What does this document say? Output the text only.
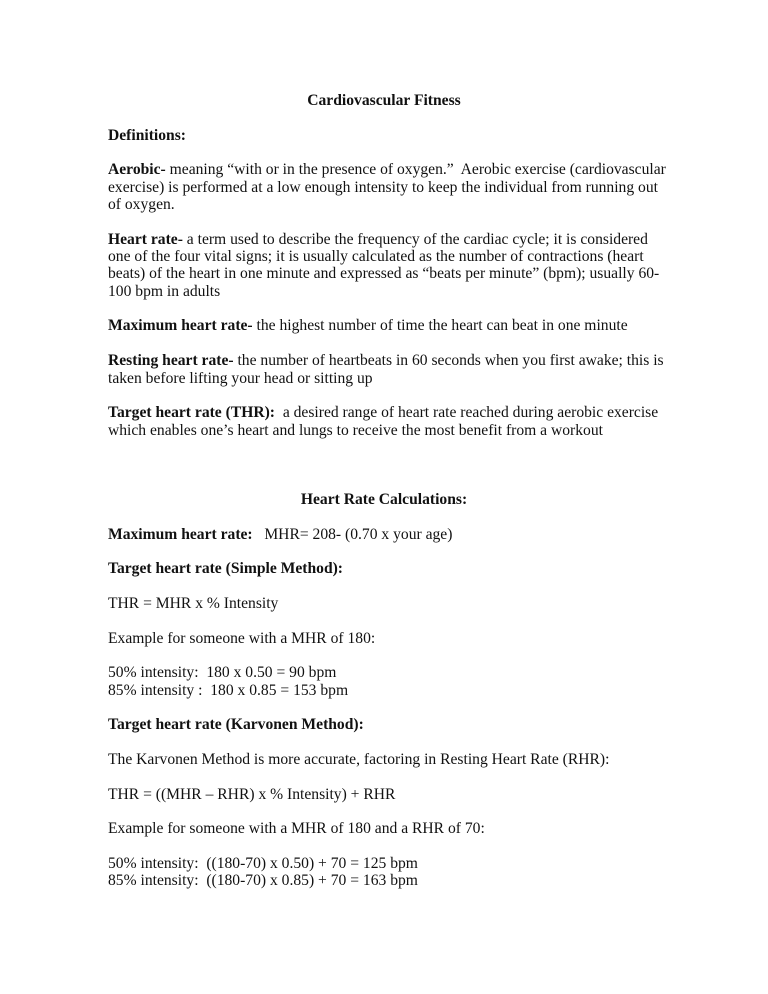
Cardiovascular Fitness
Definitions:
Aerobic- meaning “with or in the presence of oxygen.”  Aerobic exercise (cardiovascular
exercise) is performed at a low enough intensity to keep the individual from running out
of oxygen.
Heart rate- a term used to describe the frequency of the cardiac cycle; it is considered
one of the four vital signs; it is usually calculated as the number of contractions (heart
beats) of the heart in one minute and expressed as “beats per minute” (bpm); usually 60-
100 bpm in adults
Maximum heart rate- the highest number of time the heart can beat in one minute
Resting heart rate- the number of heartbeats in 60 seconds when you first awake; this is
taken before lifting your head or sitting up
Target heart rate (THR):  a desired range of heart rate reached during aerobic exercise
which enables one’s heart and lungs to receive the most benefit from a workout
Heart Rate Calculations:
Maximum heart rate:   MHR= 208- (0.70 x your age)
Target heart rate (Simple Method):
THR = MHR x % Intensity
Example for someone with a MHR of 180:
50% intensity:  180 x 0.50 = 90 bpm
85% intensity :  180 x 0.85 = 153 bpm
Target heart rate (Karvonen Method):
The Karvonen Method is more accurate, factoring in Resting Heart Rate (RHR):
THR = ((MHR – RHR) x % Intensity) + RHR
Example for someone with a MHR of 180 and a RHR of 70:
50% intensity:  ((180-70) x 0.50) + 70 = 125 bpm
85% intensity:  ((180-70) x 0.85) + 70 = 163 bpm
